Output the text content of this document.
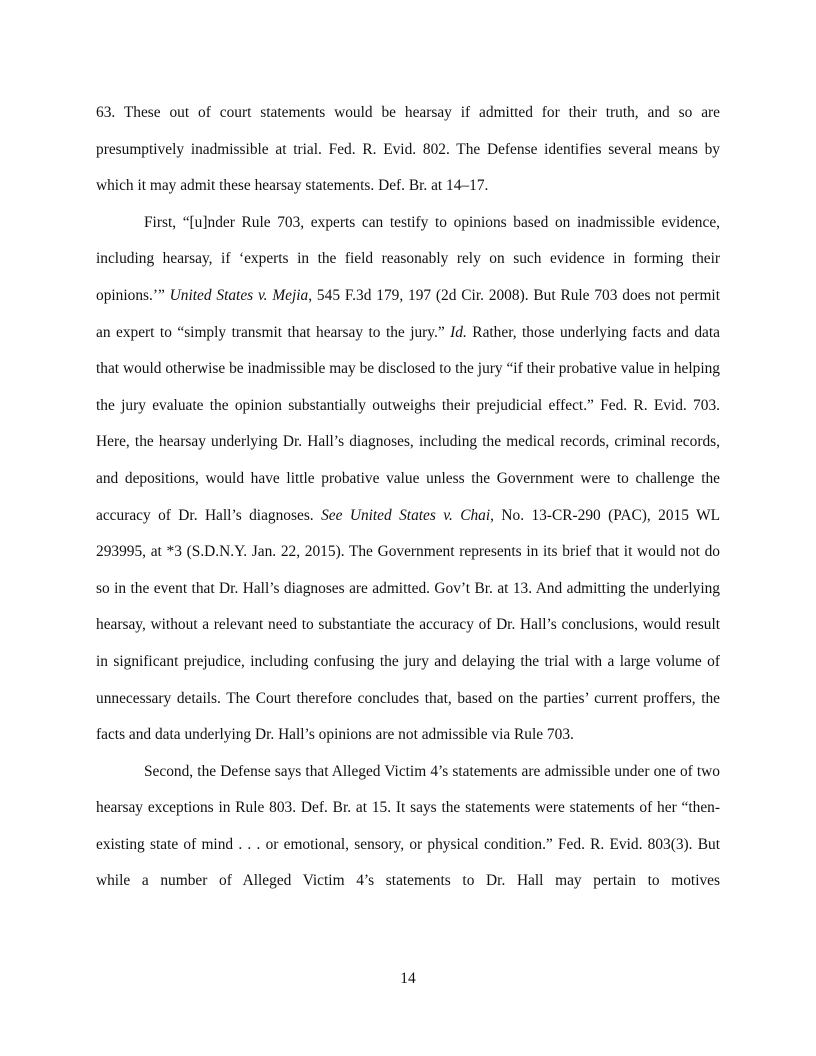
63. These out of court statements would be hearsay if admitted for their truth, and so are presumptively inadmissible at trial. Fed. R. Evid. 802. The Defense identifies several means by which it may admit these hearsay statements. Def. Br. at 14–17.

First, “[u]nder Rule 703, experts can testify to opinions based on inadmissible evidence, including hearsay, if ‘experts in the field reasonably rely on such evidence in forming their opinions.’” United States v. Mejia, 545 F.3d 179, 197 (2d Cir. 2008). But Rule 703 does not permit an expert to “simply transmit that hearsay to the jury.” Id. Rather, those underlying facts and data that would otherwise be inadmissible may be disclosed to the jury “if their probative value in helping the jury evaluate the opinion substantially outweighs their prejudicial effect.” Fed. R. Evid. 703. Here, the hearsay underlying Dr. Hall’s diagnoses, including the medical records, criminal records, and depositions, would have little probative value unless the Government were to challenge the accuracy of Dr. Hall’s diagnoses. See United States v. Chai, No. 13-CR-290 (PAC), 2015 WL 293995, at *3 (S.D.N.Y. Jan. 22, 2015). The Government represents in its brief that it would not do so in the event that Dr. Hall’s diagnoses are admitted. Gov’t Br. at 13. And admitting the underlying hearsay, without a relevant need to substantiate the accuracy of Dr. Hall’s conclusions, would result in significant prejudice, including confusing the jury and delaying the trial with a large volume of unnecessary details. The Court therefore concludes that, based on the parties’ current proffers, the facts and data underlying Dr. Hall’s opinions are not admissible via Rule 703.

Second, the Defense says that Alleged Victim 4’s statements are admissible under one of two hearsay exceptions in Rule 803. Def. Br. at 15. It says the statements were statements of her “then-existing state of mind . . . or emotional, sensory, or physical condition.” Fed. R. Evid. 803(3). But while a number of Alleged Victim 4’s statements to Dr. Hall may pertain to motives

14
